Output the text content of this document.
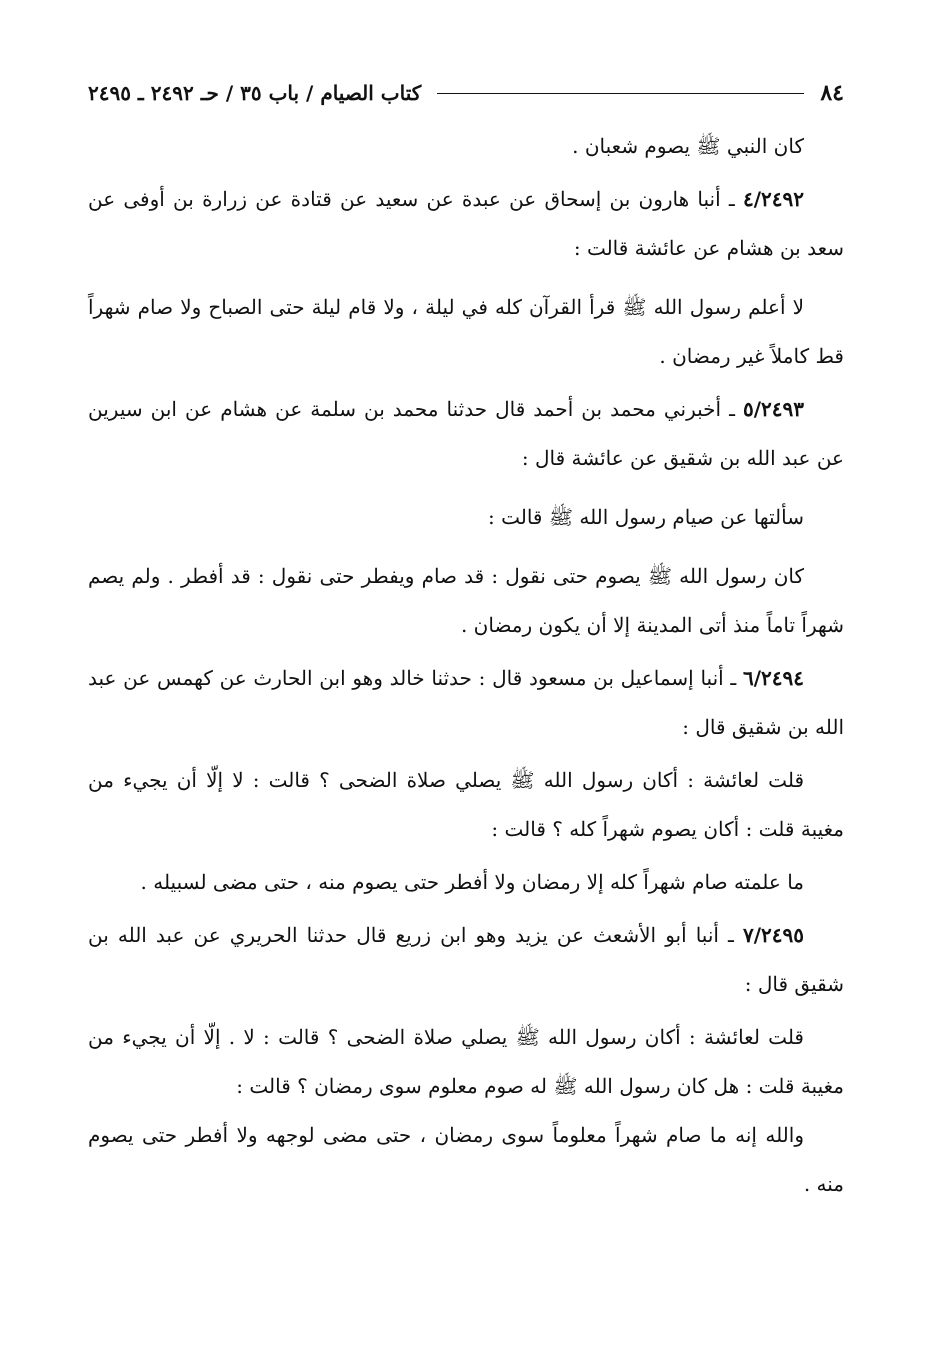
٨٤
كتاب الصيام / باب ٣٥ / حـ ٢٤٩٢ ـ ٢٤٩٥

كان النبي ﷺ يصوم شعبان .

٤/٢٤٩٢ ـ أنبا هارون بن إسحاق عن عبدة عن سعيد عن قتادة عن زرارة بن أوفى عن سعد بن هشام عن عائشة قالت :

لا أعلم رسول الله ﷺ قرأ القرآن كله في ليلة ، ولا قام ليلة حتى الصباح ولا صام شهراً قط كاملاً غير رمضان .

٥/٢٤٩٣ ـ أخبرني محمد بن أحمد قال حدثنا محمد بن سلمة عن هشام عن ابن سيرين عن عبد الله بن شقيق عن عائشة قال :

سألتها عن صيام رسول الله ﷺ قالت :

كان رسول الله ﷺ يصوم حتى نقول : قد صام ويفطر حتى نقول : قد أفطر . ولم يصم شهراً تاماً منذ أتى المدينة إلا أن يكون رمضان .

٦/٢٤٩٤ ـ أنبا إسماعيل بن مسعود قال : حدثنا خالد وهو ابن الحارث عن كهمس عن عبد الله بن شقيق قال :

قلت لعائشة : أكان رسول الله ﷺ يصلي صلاة الضحى ؟ قالت : لا إلّا أن يجيء من مغيبة قلت : أكان يصوم شهراً كله ؟ قالت :

ما علمته صام شهراً كله إلا رمضان ولا أفطر حتى يصوم منه ، حتى مضى لسبيله .

٧/٢٤٩٥ ـ أنبا أبو الأشعث عن يزيد وهو ابن زريع قال حدثنا الحريري عن عبد الله بن شقيق قال :

قلت لعائشة : أكان رسول الله ﷺ يصلي صلاة الضحى ؟ قالت : لا . إلّا أن يجيء من مغيبة قلت : هل كان رسول الله ﷺ له صوم معلوم سوى رمضان ؟ قالت :

والله إنه ما صام شهراً معلوماً سوى رمضان ، حتى مضى لوجهه ولا أفطر حتى يصوم منه .
